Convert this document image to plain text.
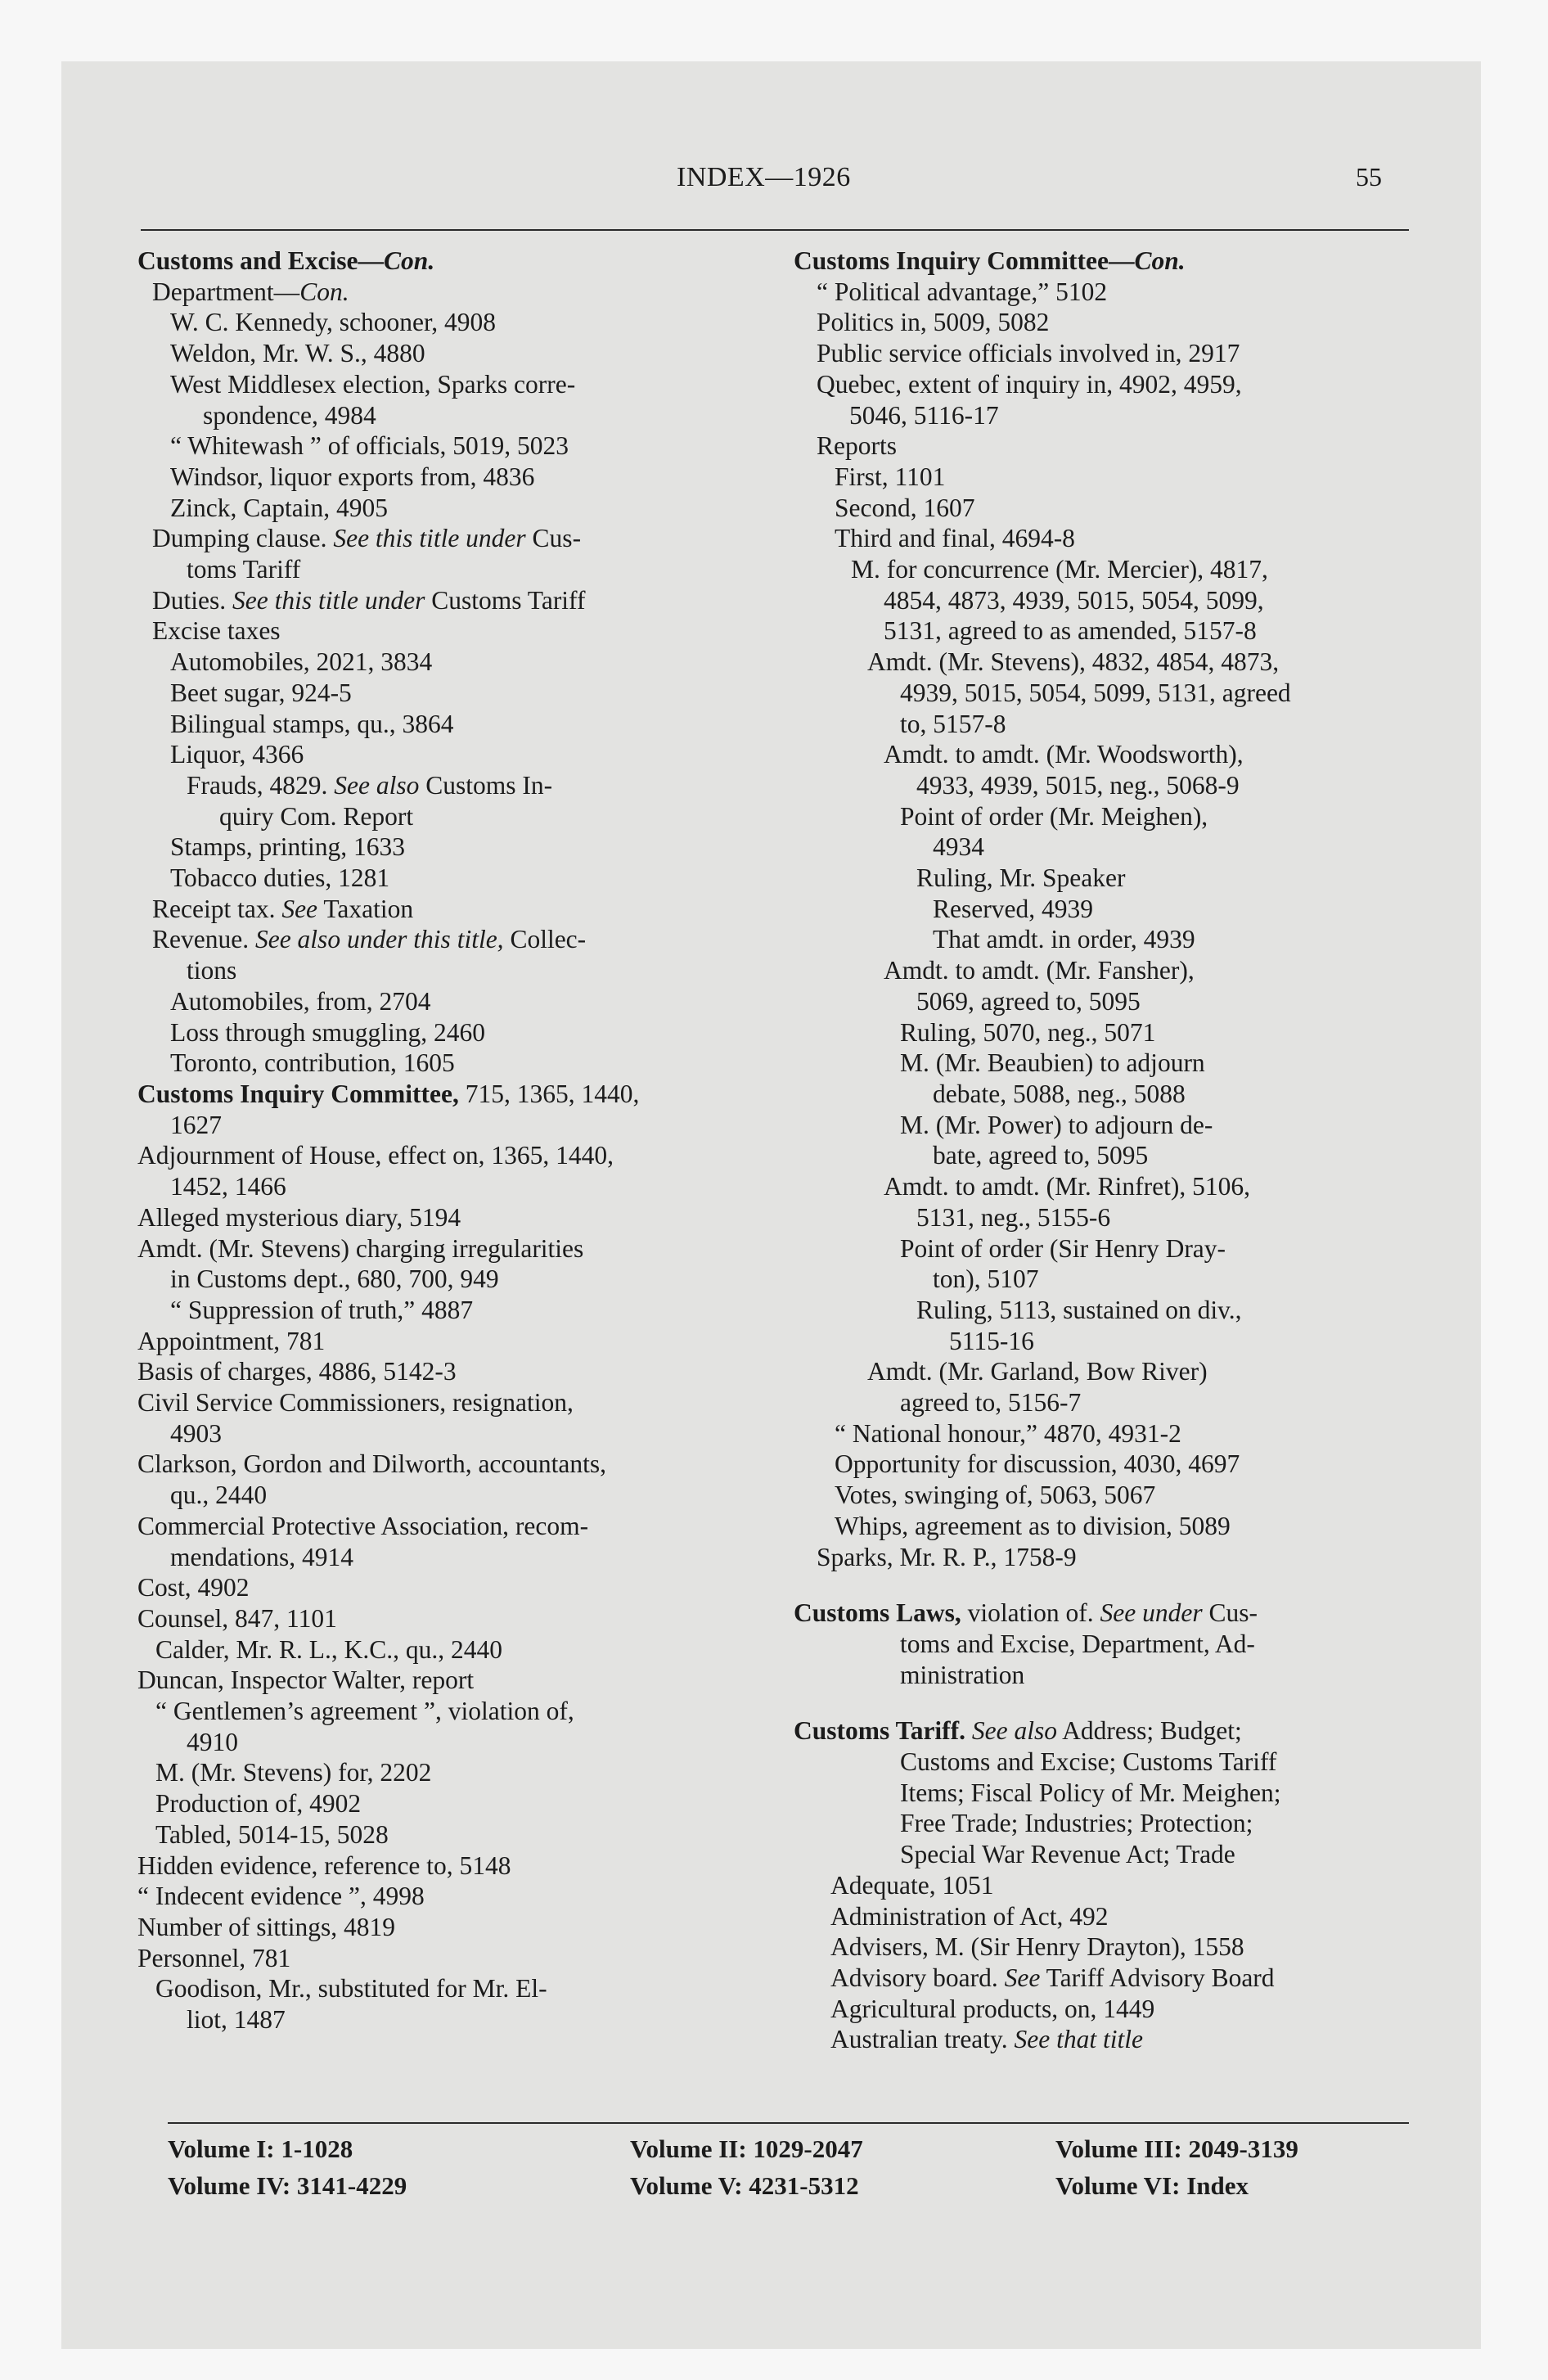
INDEX—1926	55
Customs and Excise—Con.
Department—Con.
W. C. Kennedy, schooner, 4908
Weldon, Mr. W. S., 4880
West Middlesex election, Sparks corre-
spondence, 4984
“ Whitewash ” of officials, 5019, 5023
Windsor, liquor exports from, 4836
Zinck, Captain, 4905
Dumping clause. See this title under Cus-
toms Tariff
Duties. See this title under Customs Tariff
Excise taxes
Automobiles, 2021, 3834
Beet sugar, 924-5
Bilingual stamps, qu., 3864
Liquor, 4366
Frauds, 4829. See also Customs In-
quiry Com. Report
Stamps, printing, 1633
Tobacco duties, 1281
Receipt tax. See Taxation
Revenue. See also under this title, Collec-
tions
Automobiles, from, 2704
Loss through smuggling, 2460
Toronto, contribution, 1605
Customs Inquiry Committee, 715, 1365, 1440,
1627
Adjournment of House, effect on, 1365, 1440,
1452, 1466
Alleged mysterious diary, 5194
Amdt. (Mr. Stevens) charging irregularities
in Customs dept., 680, 700, 949
“ Suppression of truth,” 4887
Appointment, 781
Basis of charges, 4886, 5142-3
Civil Service Commissioners, resignation,
4903
Clarkson, Gordon and Dilworth, accountants,
qu., 2440
Commercial Protective Association, recom-
mendations, 4914
Cost, 4902
Counsel, 847, 1101
Calder, Mr. R. L., K.C., qu., 2440
Duncan, Inspector Walter, report
“ Gentlemen’s agreement ”, violation of,
4910
M. (Mr. Stevens) for, 2202
Production of, 4902
Tabled, 5014-15, 5028
Hidden evidence, reference to, 5148
“ Indecent evidence ”, 4998
Number of sittings, 4819
Personnel, 781
Goodison, Mr., substituted for Mr. El-
liot, 1487
Customs Inquiry Committee—Con.
“ Political advantage,” 5102
Politics in, 5009, 5082
Public service officials involved in, 2917
Quebec, extent of inquiry in, 4902, 4959,
5046, 5116-17
Reports
First, 1101
Second, 1607
Third and final, 4694-8
M. for concurrence (Mr. Mercier), 4817,
4854, 4873, 4939, 5015, 5054, 5099,
5131, agreed to as amended, 5157-8
Amdt. (Mr. Stevens), 4832, 4854, 4873,
4939, 5015, 5054, 5099, 5131, agreed
to, 5157-8
Amdt. to amdt. (Mr. Woodsworth),
4933, 4939, 5015, neg., 5068-9
Point of order (Mr. Meighen),
4934
Ruling, Mr. Speaker
Reserved, 4939
That amdt. in order, 4939
Amdt. to amdt. (Mr. Fansher),
5069, agreed to, 5095
Ruling, 5070, neg., 5071
M. (Mr. Beaubien) to adjourn
debate, 5088, neg., 5088
M. (Mr. Power) to adjourn de-
bate, agreed to, 5095
Amdt. to amdt. (Mr. Rinfret), 5106,
5131, neg., 5155-6
Point of order (Sir Henry Dray-
ton), 5107
Ruling, 5113, sustained on div.,
5115-16
Amdt. (Mr. Garland, Bow River)
agreed to, 5156-7
“ National honour,” 4870, 4931-2
Opportunity for discussion, 4030, 4697
Votes, swinging of, 5063, 5067
Whips, agreement as to division, 5089
Sparks, Mr. R. P., 1758-9
Customs Laws, violation of. See under Cus-
toms and Excise, Department, Ad-
ministration
Customs Tariff. See also Address; Budget;
Customs and Excise; Customs Tariff
Items; Fiscal Policy of Mr. Meighen;
Free Trade; Industries; Protection;
Special War Revenue Act; Trade
Adequate, 1051
Administration of Act, 492
Advisers, M. (Sir Henry Drayton), 1558
Advisory board. See Tariff Advisory Board
Agricultural products, on, 1449
Australian treaty. See that title
Volume I: 1-1028	Volume II: 1029-2047	Volume III: 2049-3139
Volume IV: 3141-4229	Volume V: 4231-5312	Volume VI: Index
